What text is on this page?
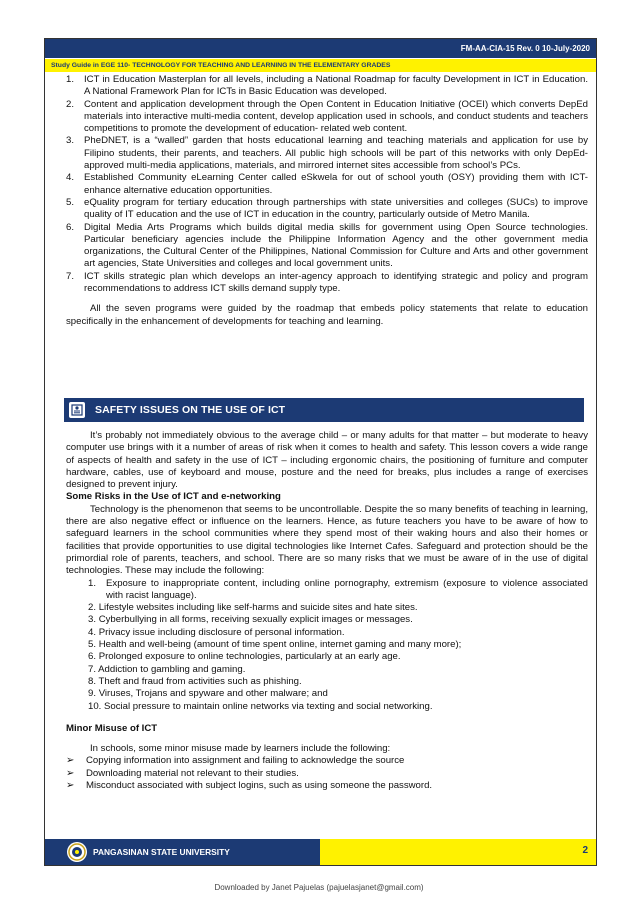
FM-AA-CIA-15 Rev. 0 10-July-2020
Study Guide in EGE 110- TECHNOLOGY FOR TEACHING AND LEARNING IN THE ELEMENTARY GRADES
1. ICT in Education Masterplan for all levels, including a National Roadmap for faculty Development in ICT in Education. A National Framework Plan for ICTs in Basic Education was developed.
2. Content and application development through the Open Content in Education Initiative (OCEI) which converts DepEd materials into interactive multi-media content, develop application used in schools, and conduct students and teachers competitions to promote the development of education- related web content.
3. PheDNET, is a “walled” garden that hosts educational learning and teaching materials and application for use by Filipino students, their parents, and teachers. All public high schools will be part of this networks with only DepEd-approved multi-media applications, materials, and mirrored internet sites accessible from school’s PCs.
4. Established Community eLearning Center called eSkwela for out of school youth (OSY) providing them with ICT-enhance alternative education opportunities.
5. eQuality program for tertiary education through partnerships with state universities and colleges (SUCs) to improve quality of IT education and the use of ICT in education in the country, particularly outside of Metro Manila.
6. Digital Media Arts Programs which builds digital media skills for government using Open Source technologies. Particular beneficiary agencies include the Philippine Information Agency and the other government media organizations, the Cultural Center of the Philippines, National Commission for Culture and Arts and other government art agencies, State Universities and colleges and local government units.
7. ICT skills strategic plan which develops an inter-agency approach to identifying strategic and policy and program recommendations to address ICT skills demand supply type.

All the seven programs were guided by the roadmap that embeds policy statements that relate to education specifically in the enhancement of developments for teaching and learning.

SAFETY ISSUES ON THE USE OF ICT

It’s probably not immediately obvious to the average child – or many adults for that matter – but moderate to heavy computer use brings with it a number of areas of risk when it comes to health and safety. This lesson covers a wide range of aspects of health and safety in the use of ICT – including ergonomic chairs, the positioning of furniture and computer hardware, cables, use of keyboard and mouse, posture and the need for breaks, plus includes a range of exercises designed to prevent injury.

Some Risks in the Use of ICT and e-networking

Technology is the phenomenon that seems to be uncontrollable. Despite the so many benefits of teaching in learning, there are also negative effect or influence on the learners. Hence, as future teachers you have to be aware of how to safeguard learners in the school communities where they spend most of their waking hours and also their homes or facilities that provide opportunities to use digital technologies like Internet Cafes. Safeguard and protection should be the primordial role of parents, teachers, and school. There are so many risks that we must be aware of in the use of digital technologies. These may include the following:

1. Exposure to inappropriate content, including online pornography, extremism (exposure to violence associated with racist language).
2. Lifestyle websites including like self-harms and suicide sites and hate sites.
3. Cyberbullying in all forms, receiving sexually explicit images or messages.
4. Privacy issue including disclosure of personal information.
5. Health and well-being (amount of time spent online, internet gaming and many more);
6. Prolonged exposure to online technologies, particularly at an early age.
7. Addiction to gambling and gaming.
8. Theft and fraud from activities such as phishing.
9. Viruses, Trojans and spyware and other malware; and
10. Social pressure to maintain online networks via texting and social networking.

Minor Misuse of ICT

In schools, some minor misuse made by learners include the following:

➢ Copying information into assignment and failing to acknowledge the source
➢ Downloading material not relevant to their studies.
➢ Misconduct associated with subject logins, such as using someone the password.
PANGASINAN STATE UNIVERSITY	2
Downloaded by Janet Pajuelas (pajuelasjanet@gmail.com)
